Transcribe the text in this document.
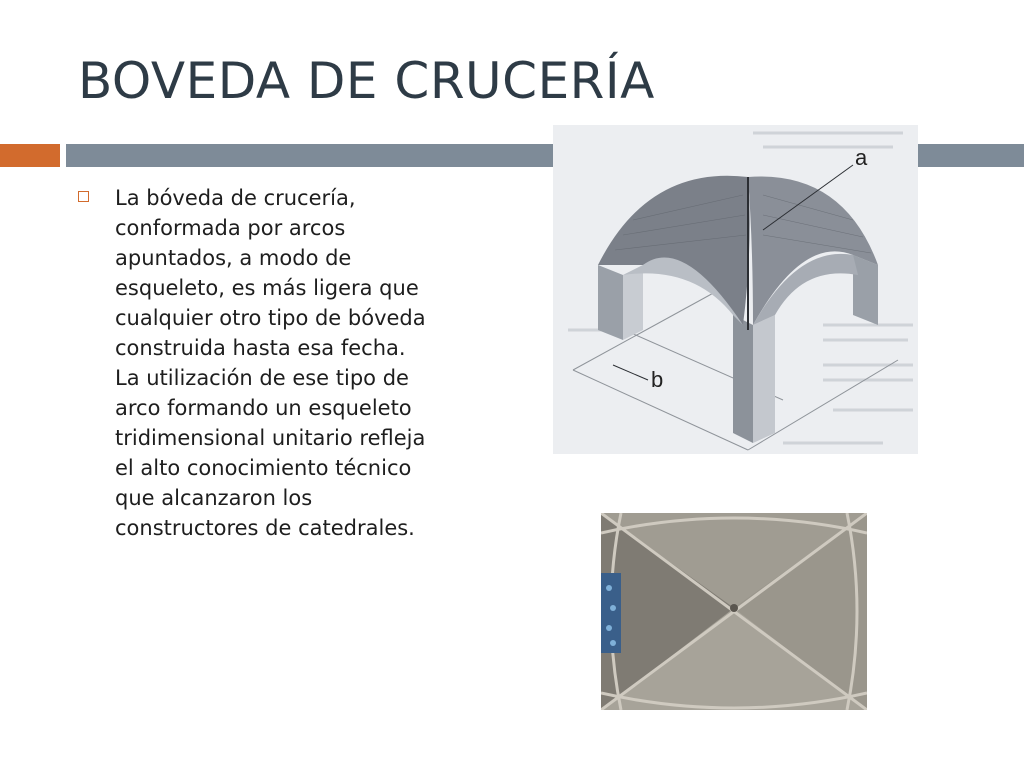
BOVEDA DE CRUCERÍA
La bóveda de crucería,
conformada por arcos
apuntados, a modo de
esqueleto, es más ligera que
cualquier otro tipo de bóveda
construida hasta esa fecha.
La utilización de ese tipo de
arco formando un esqueleto
tridimensional unitario refleja
el alto conocimiento técnico
que alcanzaron los
constructores de catedrales.
a
b
